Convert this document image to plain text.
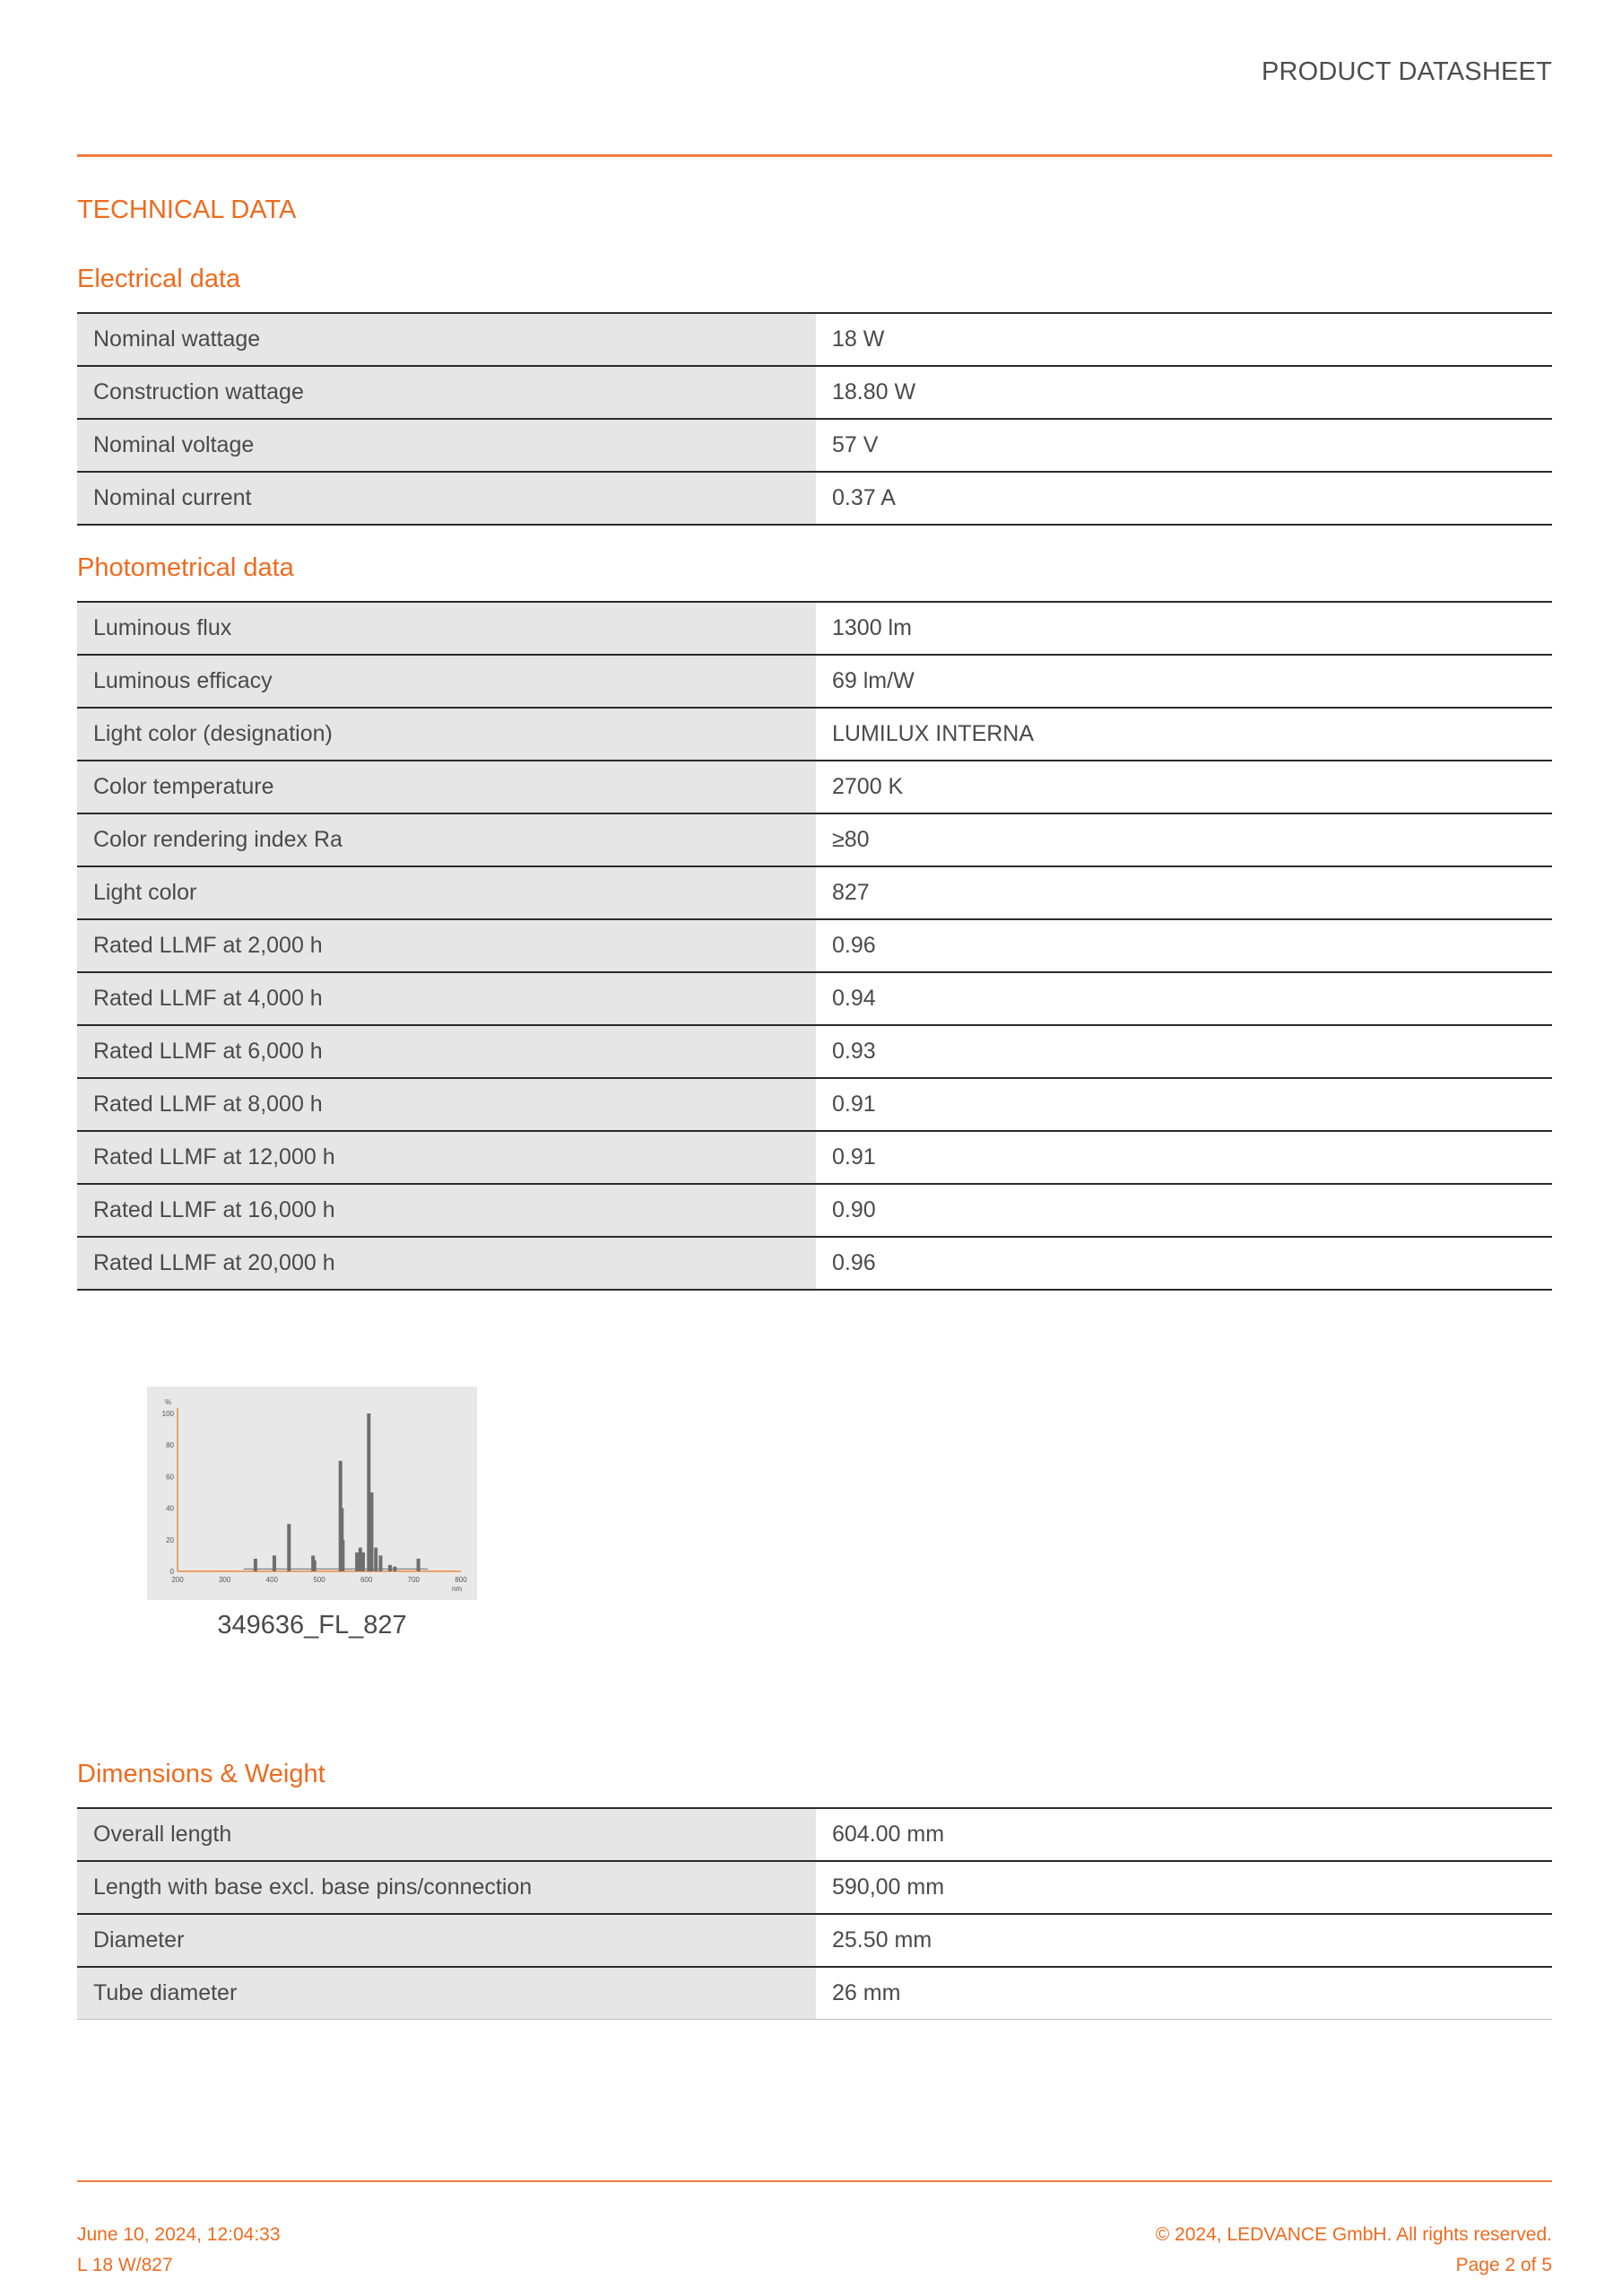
PRODUCT DATASHEET
TECHNICAL DATA
Electrical data
Nominal wattage	18 W
Construction wattage	18.80 W
Nominal voltage	57 V
Nominal current	0.37 A
Photometrical data
Luminous flux	1300 lm
Luminous efficacy	69 lm/W
Light color (designation)	LUMILUX INTERNA
Color temperature	2700 K
Color rendering index Ra	≥80
Light color	827
Rated LLMF at 2,000 h	0.96
Rated LLMF at 4,000 h	0.94
Rated LLMF at 6,000 h	0.93
Rated LLMF at 8,000 h	0.91
Rated LLMF at 12,000 h	0.91
Rated LLMF at 16,000 h	0.90
Rated LLMF at 20,000 h	0.96
0
20
40
60
80
100
200	300	400	500	600	700	800
%
nm
349636_FL_827
Dimensions & Weight
Overall length	604.00 mm
Length with base excl. base pins/connection	590,00 mm
Diameter	25.50 mm
Tube diameter	26 mm
June 10, 2024, 12:04:33
L 18 W/827
© 2024, LEDVANCE GmbH. All rights reserved.
Page 2 of 5
